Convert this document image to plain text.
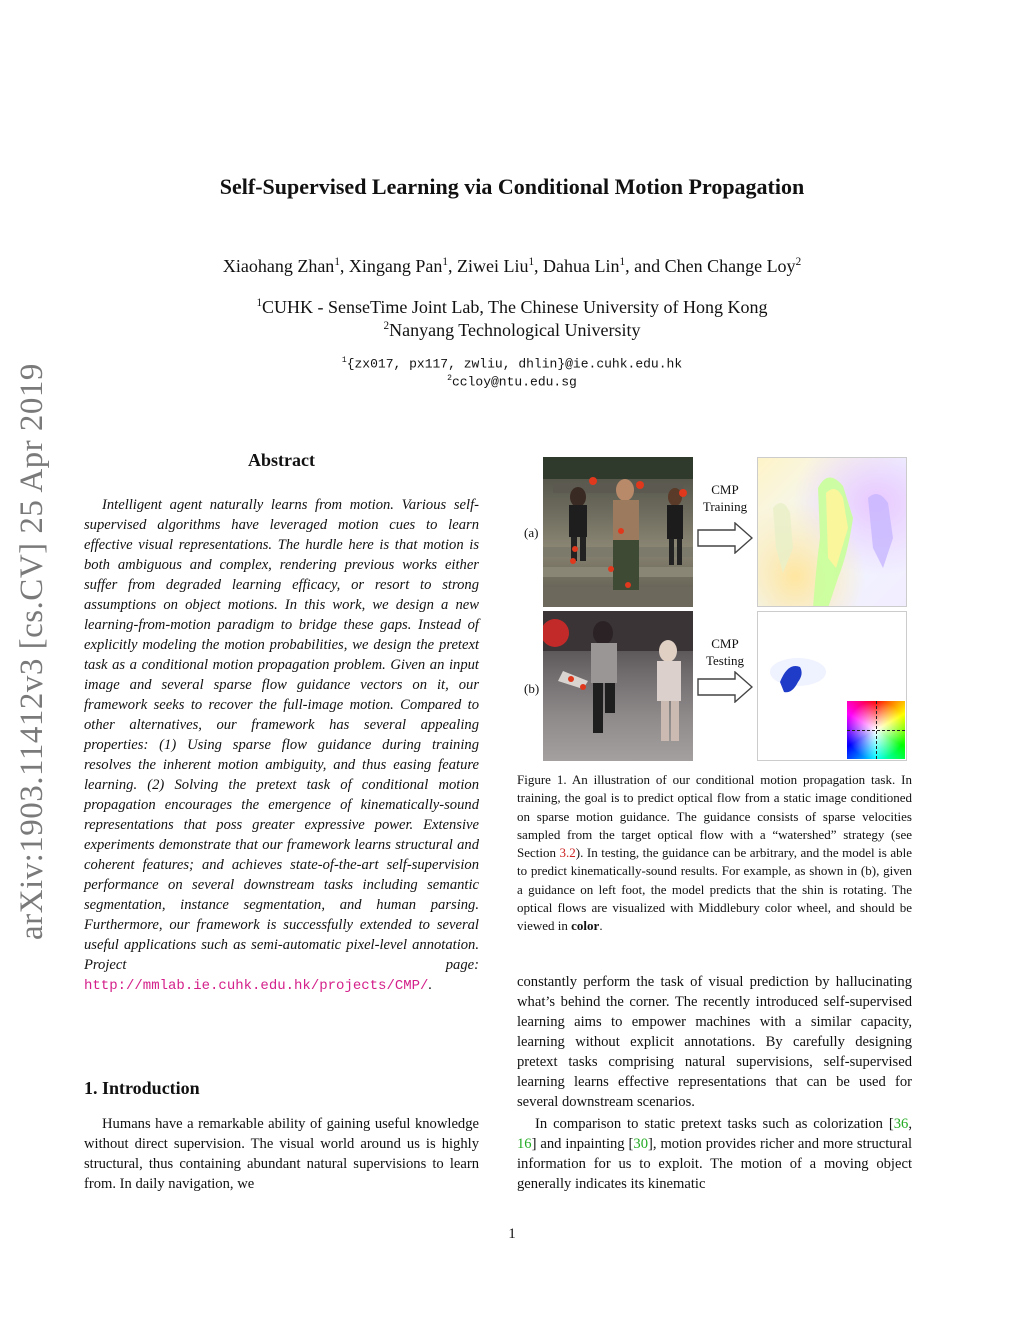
Self-Supervised Learning via Conditional Motion Propagation
Xiaohang Zhan$^1$, Xingang Pan$^1$, Ziwei Liu$^1$, Dahua Lin$^1$, and Chen Change Loy$^2$
$^1$CUHK - SenseTime Joint Lab, The Chinese University of Hong Kong
$^2$Nanyang Technological University
$^1${zx017, px117, zwliu, dhlin}@ie.cuhk.edu.hk
$^2$ccloy@ntu.edu.sg
arXiv:1903.11412v3 [cs.CV] 25 Apr 2019	Abstract
Intelligent agent naturally learns from motion. Various self-supervised algorithms have leveraged motion cues to learn effective visual representations. The hurdle here is that motion is both ambiguous and complex, rendering previous works either suffer from degraded learning efficacy, or resort to strong assumptions on object motions. In this work, we design a new learning-from-motion paradigm to bridge these gaps. Instead of explicitly modeling the motion probabilities, we design the pretext task as a conditional motion propagation problem. Given an input image and several sparse flow guidance vectors on it, our framework seeks to recover the full-image motion. Compared to other alternatives, our framework has several appealing properties: (1) Using sparse flow guidance during training resolves the inherent motion ambiguity, and thus easing feature learning. (2) Solving the pretext task of conditional motion propagation encourages the emergence of kinematically-sound representations that poss greater expressive power. Extensive experiments demonstrate that our framework learns structural and coherent features; and achieves state-of-the-art self-supervision performance on several downstream tasks including semantic segmentation, instance segmentation, and human parsing. Furthermore, our framework is successfully extended to several useful applications such as semi-automatic pixel-level annotation. Project page: http://mmlab.ie.cuhk.edu.hk/projects/CMP/.
1. Introduction
Humans have a remarkable ability of gaining useful knowledge without direct supervision. The visual world around us is highly structural, thus containing abundant natural supervisions to learn from. In daily navigation, we
(a)
(b)
CMP
Training
CMP
Testing
Figure 1. An illustration of our conditional motion propagation task. In training, the goal is to predict optical flow from a static image conditioned on sparse motion guidance. The guidance consists of sparse velocities sampled from the target optical flow with a “watershed” strategy (see Section 3.2). In testing, the guidance can be arbitrary, and the model is able to predict kinematically-sound results. For example, as shown in (b), given a guidance on left foot, the model predicts that the shin is rotating. The optical flows are visualized with Middlebury color wheel, and should be viewed in color.
constantly perform the task of visual prediction by hallucinating what’s behind the corner. The recently introduced self-supervised learning aims to empower machines with a similar capacity, learning without explicit annotations. By carefully designing pretext tasks comprising natural supervisions, self-supervised learning learns effective representations that can be used for several downstream scenarios.
In comparison to static pretext tasks such as colorization [36, 16] and inpainting [30], motion provides richer and more structural information for us to exploit. The motion of a moving object generally indicates its kinematic
1
